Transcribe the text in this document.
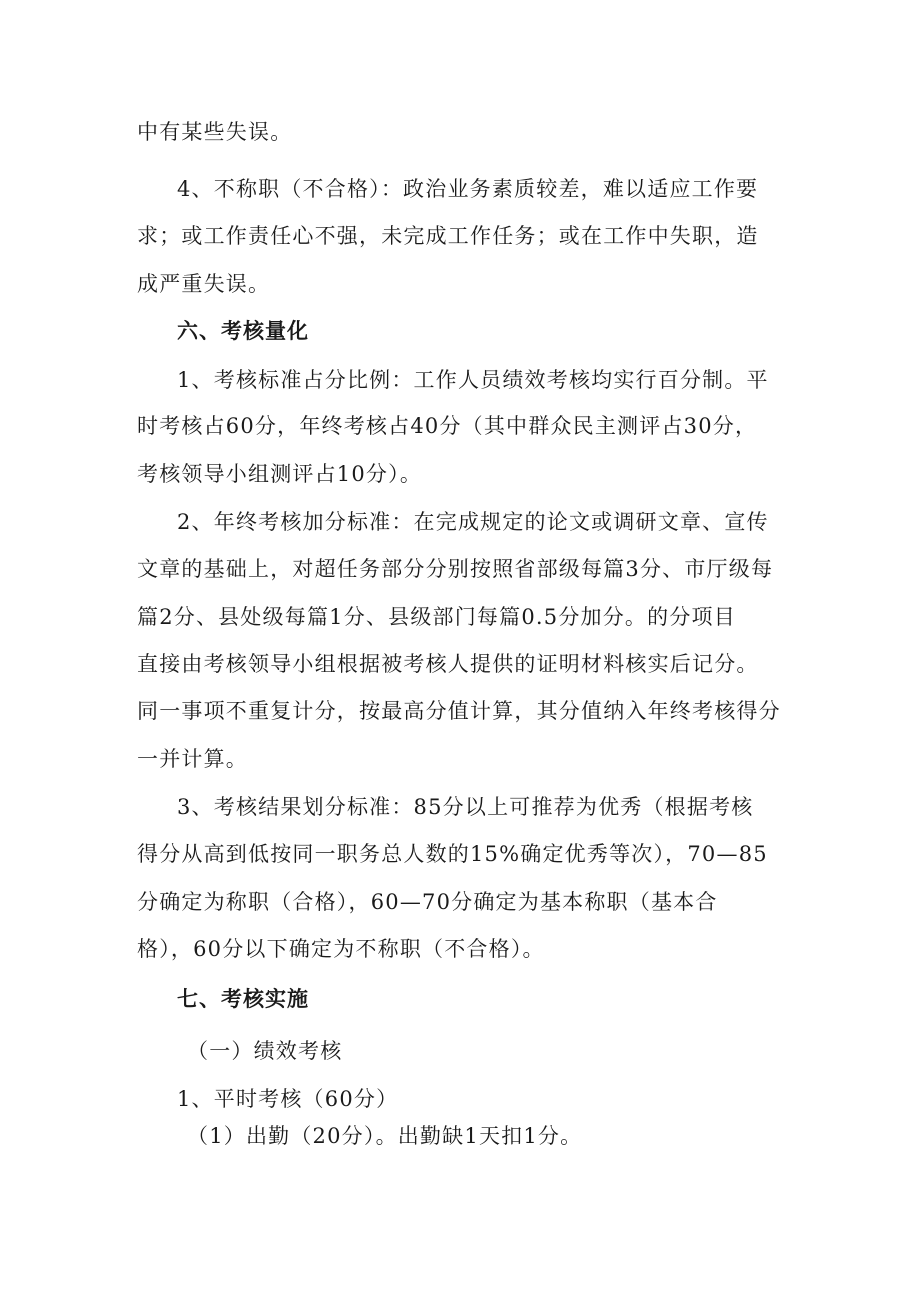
中有某些失误。
4、不称职（不合格）：政治业务素质较差，难以适应工作要
求；或工作责任心不强，未完成工作任务；或在工作中失职，造
成严重失误。
六、考核量化
1、考核标准占分比例：工作人员绩效考核均实行百分制。平
时考核占60分，年终考核占40分（其中群众民主测评占30分，
考核领导小组测评占10分）。
2、年终考核加分标准：在完成规定的论文或调研文章、宣传
文章的基础上，对超任务部分分别按照省部级每篇3分、市厅级每
篇2分、县处级每篇1分、县级部门每篇0.5分加分。的分项目
直接由考核领导小组根据被考核人提供的证明材料核实后记分。
同一事项不重复计分，按最高分值计算，其分值纳入年终考核得分
一并计算。
3、考核结果划分标准：85分以上可推荐为优秀（根据考核
得分从高到低按同一职务总人数的15%确定优秀等次），70—85
分确定为称职（合格），60—70分确定为基本称职（基本合
格），60分以下确定为不称职（不合格）。
七、考核实施
（一）绩效考核
1、平时考核（60分）
（1）出勤（20分）。出勤缺1天扣1分。
